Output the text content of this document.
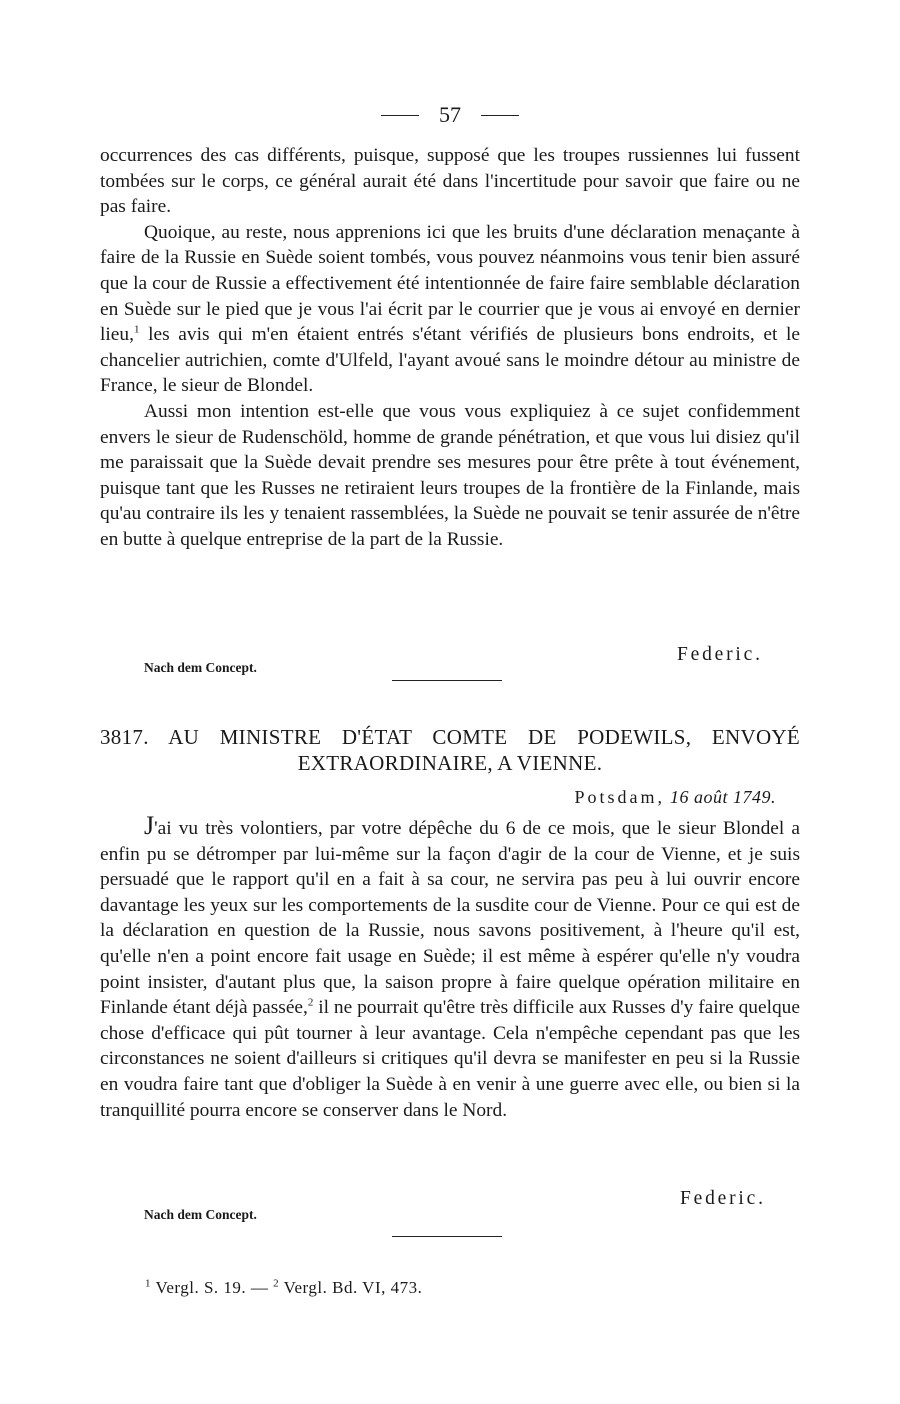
57

occurrences des cas différents, puisque, supposé que les troupes russiennes lui fussent tombées sur le corps, ce général aurait été dans l'incertitude pour savoir que faire ou ne pas faire.

Quoique, au reste, nous apprenions ici que les bruits d'une déclaration menaçante à faire de la Russie en Suède soient tombés, vous pouvez néanmoins vous tenir bien assuré que la cour de Russie a effectivement été intentionnée de faire faire semblable déclaration en Suède sur le pied que je vous l'ai écrit par le courrier que je vous ai envoyé en dernier lieu,$^1$ les avis qui m'en étaient entrés s'étant vérifiés de plusieurs bons endroits, et le chancelier autrichien, comte d'Ulfeld, l'ayant avoué sans le moindre détour au ministre de France, le sieur de Blondel.

Aussi mon intention est-elle que vous vous expliquiez à ce sujet confidemment envers le sieur de Rudenschöld, homme de grande pénétration, et que vous lui disiez qu'il me paraissait que la Suède devait prendre ses mesures pour être prête à tout événement, puisque tant que les Russes ne retiraient leurs troupes de la frontière de la Finlande, mais qu'au contraire ils les y tenaient rassemblées, la Suède ne pouvait se tenir assurée de n'être en butte à quelque entreprise de la part de la Russie.

Federic.
Nach dem Concept.
3817. AU MINISTRE D'ÉTAT COMTE DE PODEWILS, ENVOYÉ
EXTRAORDINAIRE, A VIENNE.
Potsdam, 16 août 1749.

J'ai vu très volontiers, par votre dépêche du 6 de ce mois, que le sieur Blondel a enfin pu se détromper par lui-même sur la façon d'agir de la cour de Vienne, et je suis persuadé que le rapport qu'il en a fait à sa cour, ne servira pas peu à lui ouvrir encore davantage les yeux sur les comportements de la susdite cour de Vienne. Pour ce qui est de la déclaration en question de la Russie, nous savons positivement, à l'heure qu'il est, qu'elle n'en a point encore fait usage en Suède; il est même à espérer qu'elle n'y voudra point insister, d'autant plus que, la saison propre à faire quelque opération militaire en Finlande étant déjà passée,$^2$ il ne pourrait qu'être très difficile aux Russes d'y faire quelque chose d'efficace qui pût tourner à leur avantage. Cela n'empêche cependant pas que les circonstances ne soient d'ailleurs si critiques qu'il devra se manifester en peu si la Russie en voudra faire tant que d'obliger la Suède à en venir à une guerre avec elle, ou bien si la tranquillité pourra encore se conserver dans le Nord.

Federic.
Nach dem Concept.
$^1$ Vergl. S. 19. — $^2$ Vergl. Bd. VI, 473.
